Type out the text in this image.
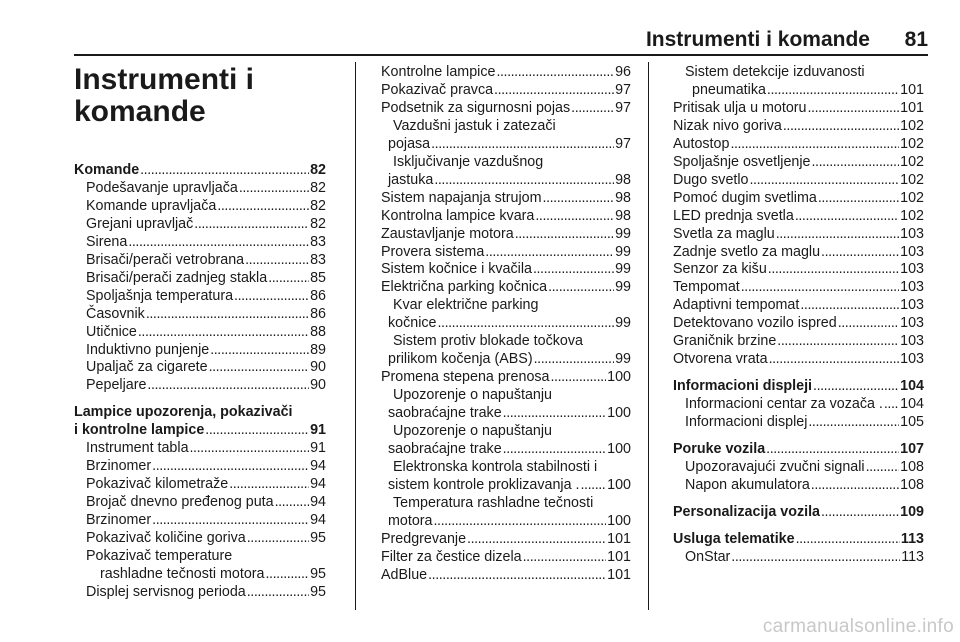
Instrumenti i komande 81
Instrumenti i
komande
Komande . . .	82
Podešavanje upravljača . . .	82
Komande upravljača . . .	82
Grejani upravljač . . .	82
Sirena . . .	83
Brisači/perači vetrobrana . . .	83
Brisači/perači zadnjeg stakla . . .	85
Spoljašnja temperatura . . .	86
Časovnik . . .	86
Utičnice . . .	88
Induktivno punjenje . . .	89
Upaljač za cigarete . . .	90
Pepeljare . . .	90
Lampice upozorenja, pokazivači
i kontrolne lampice . . .	91
Instrument tabla . . .	91
Brzinomer . . .	94
Pokazivač kilometraže . . .	94
Brojač dnevno pređenog puta . . .	94
Brzinomer . . .	94
Pokazivač količine goriva . . .	95
Pokazivač temperature
rashladne tečnosti motora . . .	95
Displej servisnog perioda . . .	95
Kontrolne lampice . . .	96
Pokazivač pravca . . .	97
Podsetnik za sigurnosni pojas . . .	97
Vazdušni jastuk i zatezači
pojasa . . .	97
Isključivanje vazdušnog
jastuka . . .	98
Sistem napajanja strujom . . .	98
Kontrolna lampice kvara . . .	98
Zaustavljanje motora . . .	99
Provera sistema . . .	99
Sistem kočnice i kvačila . . .	99
Električna parking kočnica . . .	99
Kvar električne parking
kočnice . . .	99
Sistem protiv blokade točkova
prilikom kočenja (ABS) . . .	99
Promena stepena prenosa . . .	100
Upozorenje o napuštanju
saobraćajne trake . . .	100
Upozorenje o napuštanju
saobraćajne trake . . .	100
Elektronska kontrola stabilnosti i
sistem kontrole proklizavanja . . . . 100
Temperatura rashladne tečnosti
motora . . .	100
Predgrevanje . . .	101
Filter za čestice dizela . . .	101
AdBlue . . .	101
Sistem detekcije izduvanosti
pneumatika . . .	101
Pritisak ulja u motoru . . .	101
Nizak nivo goriva . . .	102
Autostop . . .	102
Spoljašnje osvetljenje . . .	102
Dugo svetlo . . .	102
Pomoć dugim svetlima . . .	102
LED prednja svetla . . .	102
Svetla za maglu . . .	103
Zadnje svetlo za maglu . . .	103
Senzor za kišu . . .	103
Tempomat . . .	103
Adaptivni tempomat . . .	103
Detektovano vozilo ispred . . .	103
Graničnik brzine . . .	103
Otvorena vrata . . .	103
Informacioni displeji . . .	104
Informacioni centar za vozača . . . . 104
Informacioni displej . . .	105
Poruke vozila . . .	107
Upozoravajući zvučni signali . . . 108
Napon akumulatora . . .	108
Personalizacija vozila . . .	109
Usluga telematike . . .	113
OnStar . . .	113
carmanualsonline.info
